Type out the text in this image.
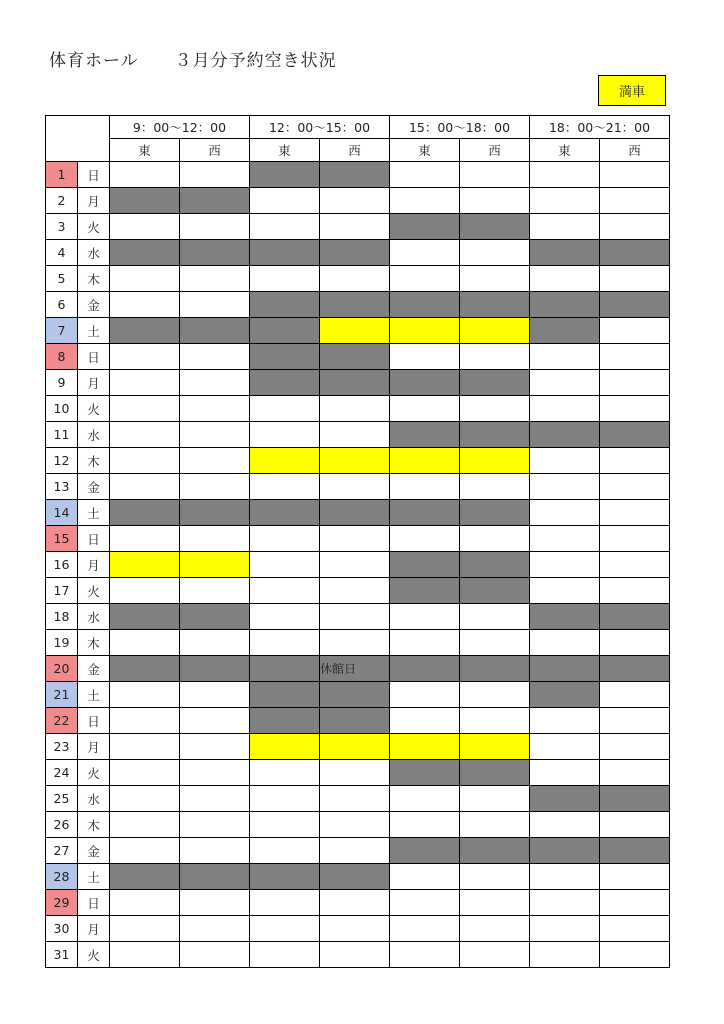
体育ホール　　３月分予約空き状況
満車
		9：00～12：00		12：00～15：00		15：00～18：00		18：00～21：00	
		東	西	東	西	東	西	東	西
1	日								
2	月								
3	火								
4	水								
5	木								
6	金								
7	土								
8	日								
9	月								
10	火								
11	水								
12	木								
13	金								
14	土								
15	日								
16	月								
17	火								
18	水								
19	木								
20	金				休館日				
21	土								
22	日								
23	月								
24	火								
25	水								
26	木								
27	金								
28	土								
29	日								
30	月								
31	火								
